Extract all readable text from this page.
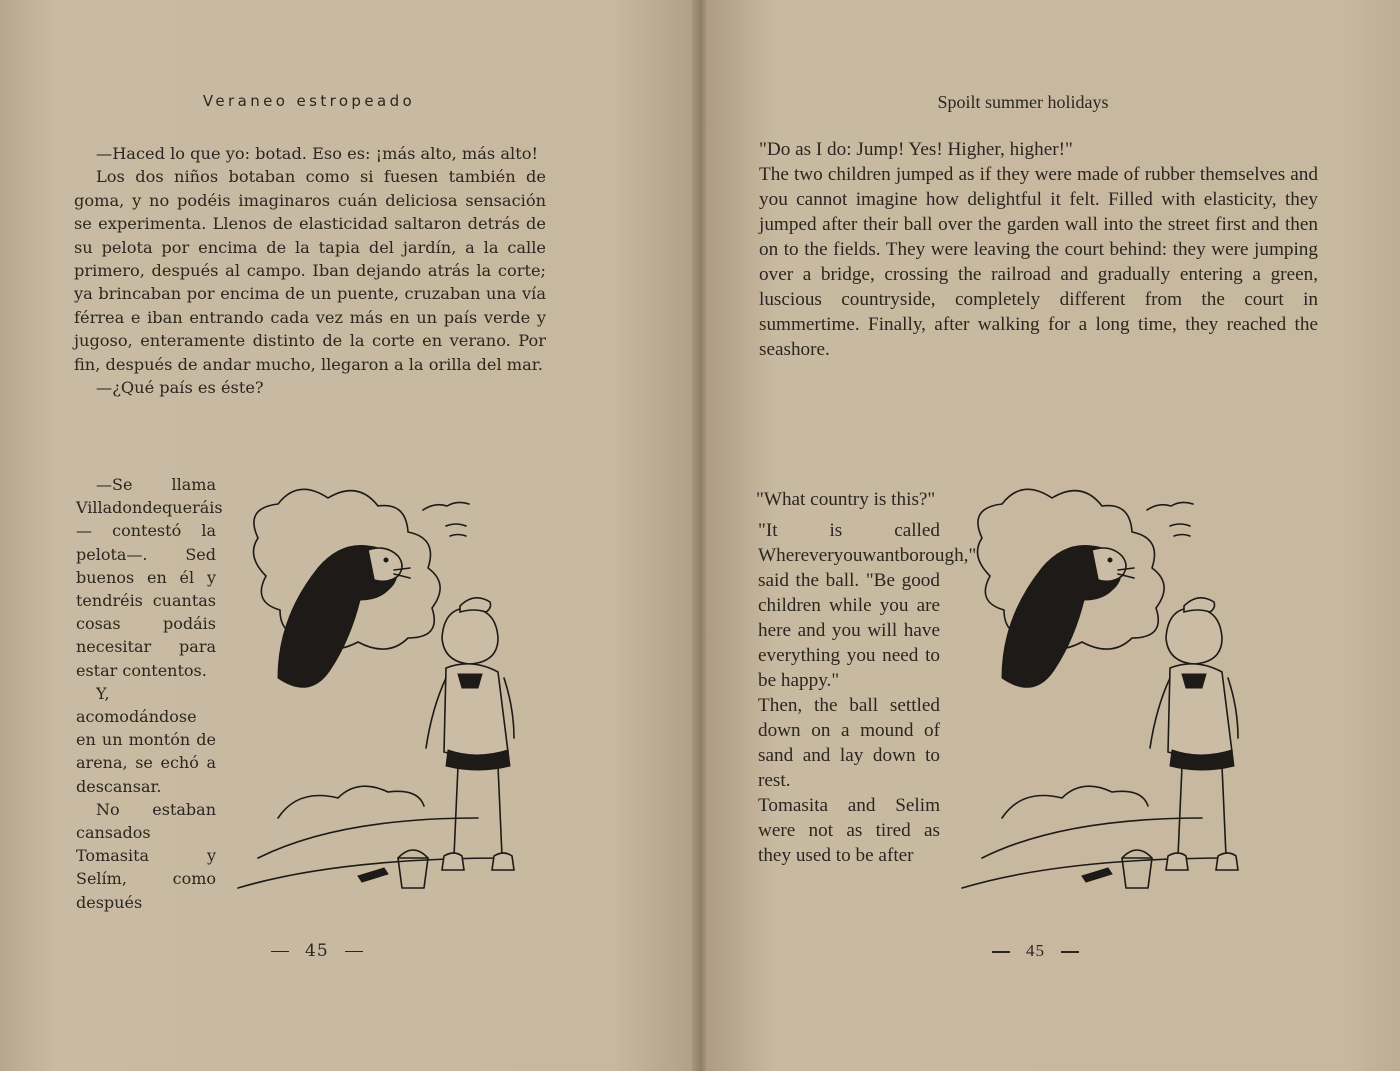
Veraneo estropeado

—Haced lo que yo: botad. Eso es: ¡más alto, más alto!

Los dos niños botaban como si fuesen también de goma, y no podéis imaginaros cuán deliciosa sensación se experimenta. Llenos de elasticidad saltaron detrás de su pelota por encima de la tapia del jardín, a la calle primero, después al campo. Iban dejando atrás la corte; ya brincaban por encima de un puente, cruzaban una vía férrea e iban entrando cada vez más en un país verde y jugoso, enteramente distinto de la corte en verano. Por fin, después de andar mucho, llegaron a la orilla del mar.

—¿Qué país es éste?

—Se llama Villadondequeráis — contestó la pelota—. Sed buenos en él y tendréis cuantas cosas podáis necesitar para estar contentos.

Y, acomodándose en un montón de arena, se echó a descansar.

No estaban cansados Tomasita y Selím, como después

45

Spoilt summer holidays

"Do as I do: Jump! Yes! Higher, higher!"

The two children jumped as if they were made of rubber themselves and you cannot imagine how delightful it felt. Filled with elasticity, they jumped after their ball over the garden wall into the street first and then on to the fields. They were leaving the court behind: they were jumping over a bridge, crossing the railroad and gradually entering a green, luscious countryside, completely different from the court in summertime. Finally, after walking for a long time, they reached the seashore.

"What country is this?"

"It is called Whereveryouwantborough," said the ball. "Be good children while you are here and you will have everything you need to be happy."

Then, the ball settled down on a mound of sand and lay down to rest.

Tomasita and Selim were not as tired as they used to be after

45
